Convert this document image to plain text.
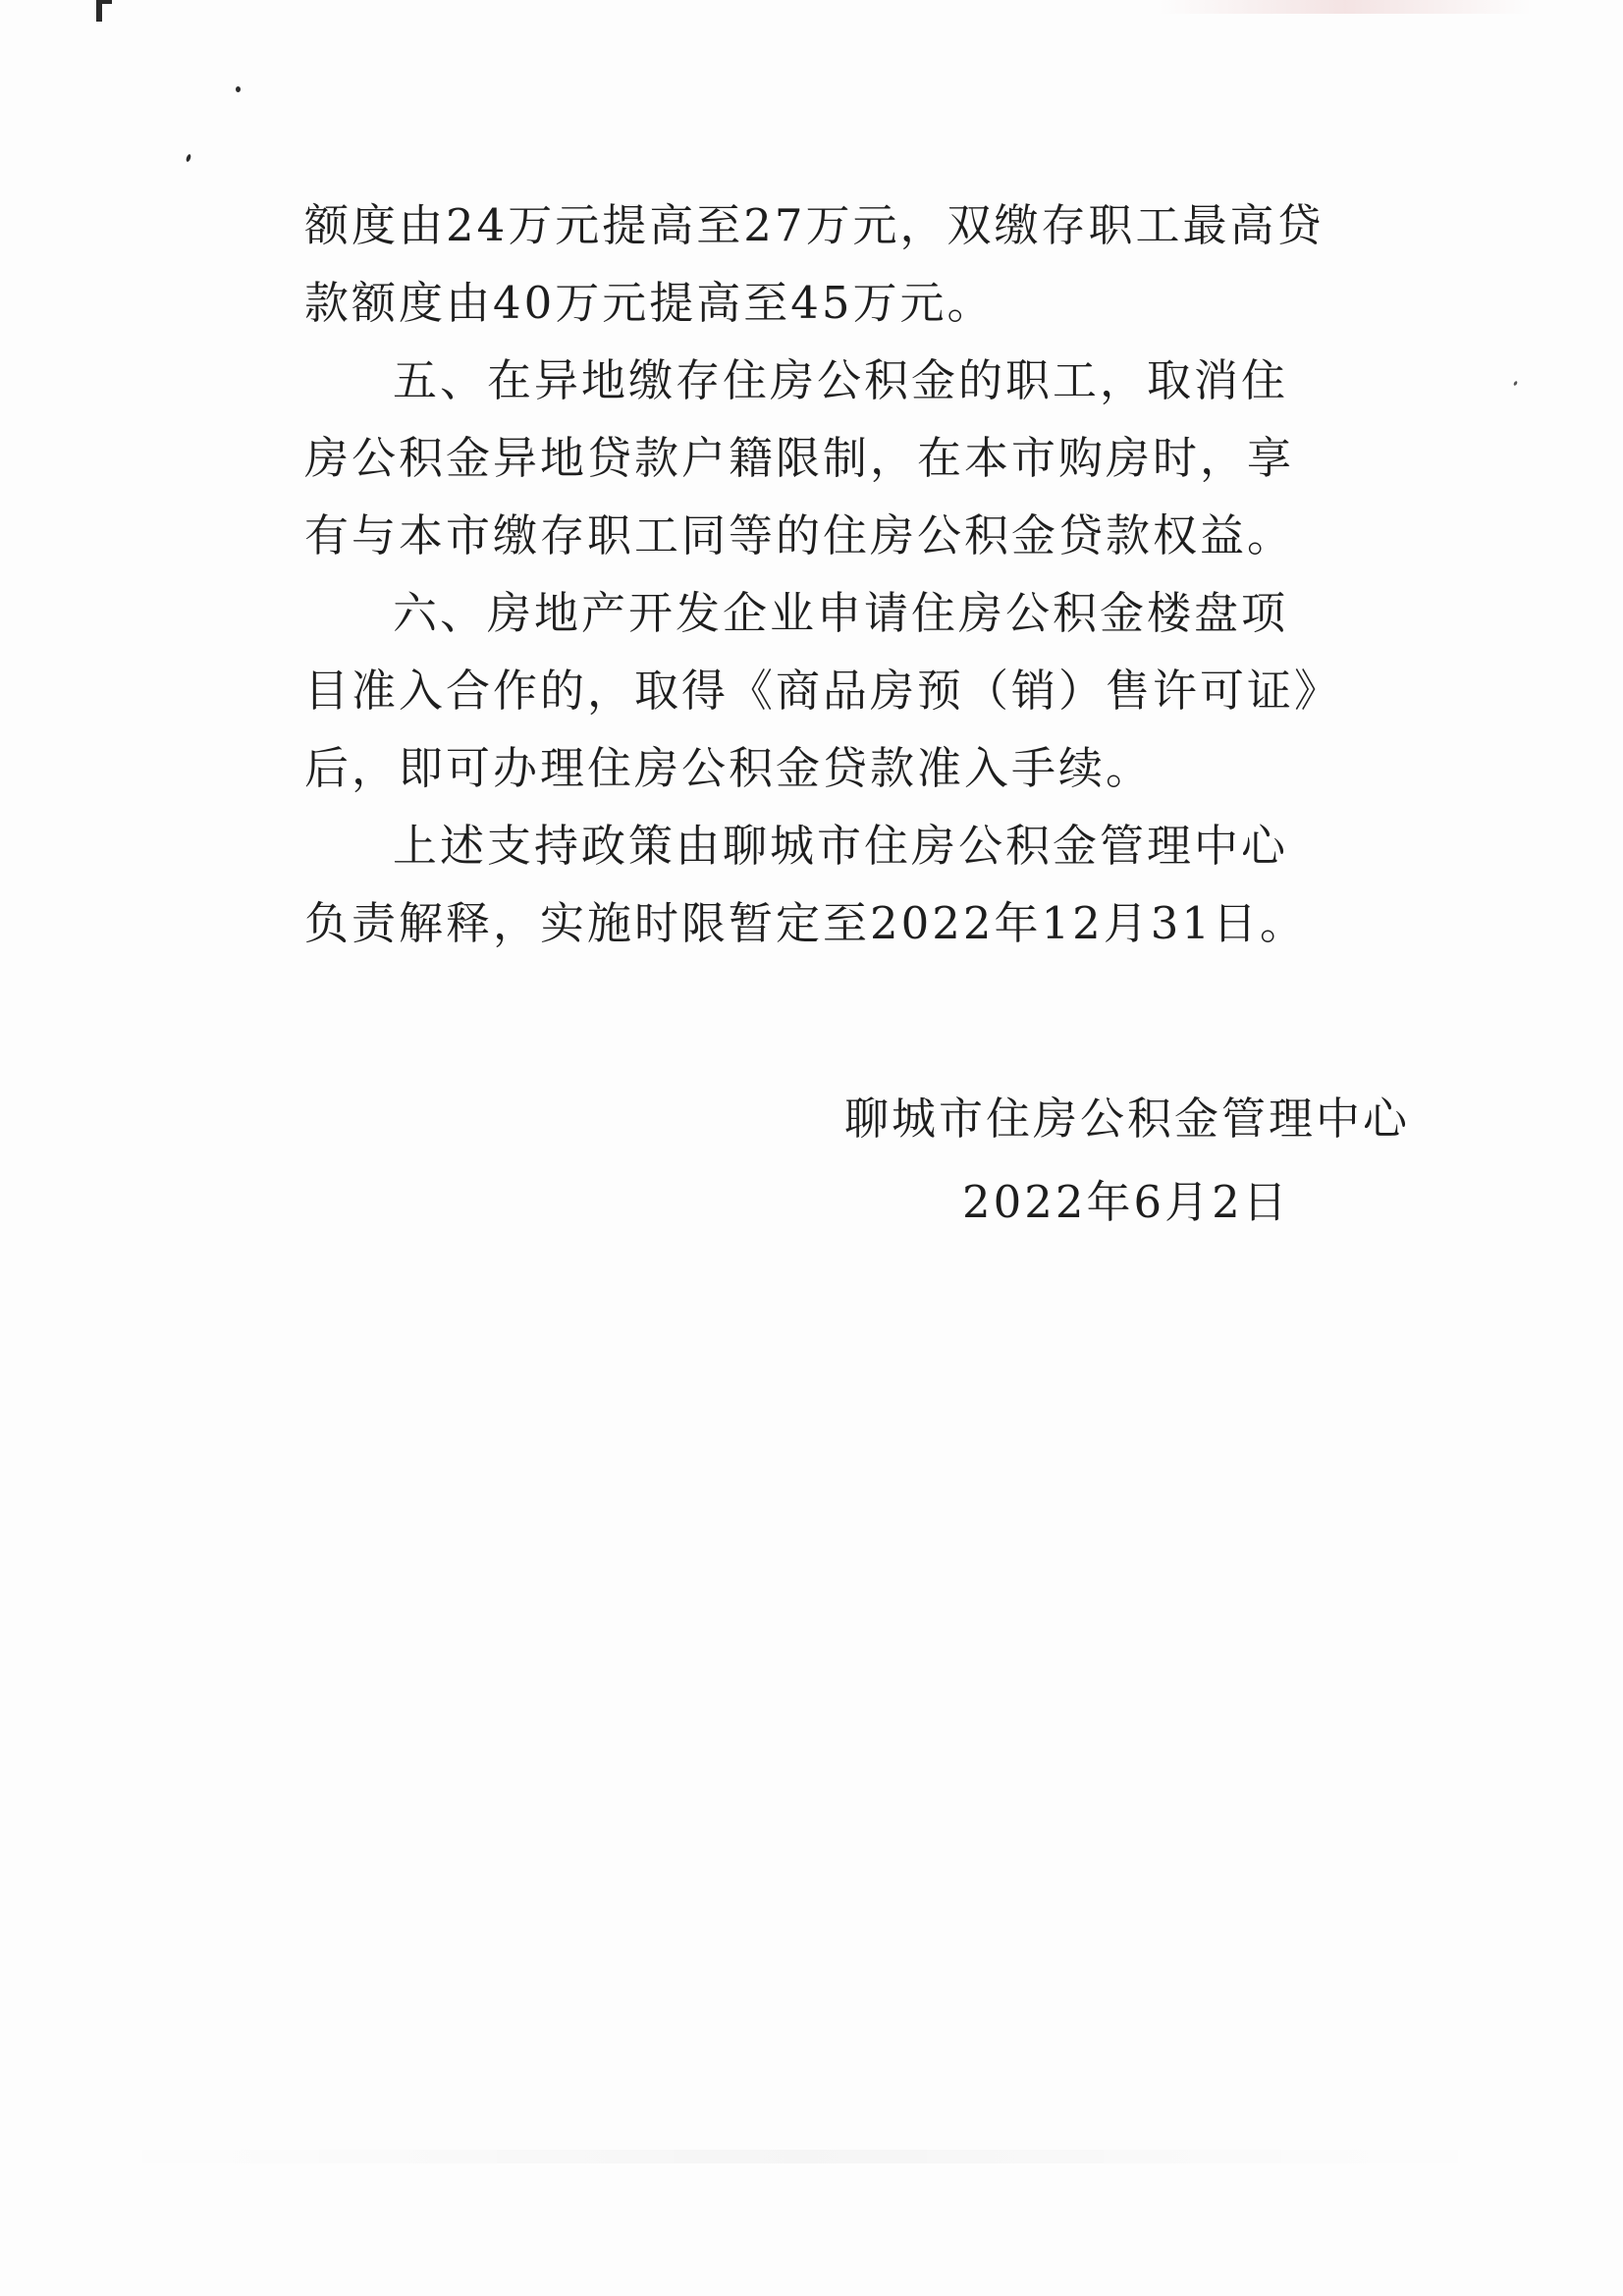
额度由24万元提高至27万元，双缴存职工最高贷款额度由40万元提高至45万元。

五、在异地缴存住房公积金的职工，取消住房公积金异地贷款户籍限制，在本市购房时，享有与本市缴存职工同等的住房公积金贷款权益。

六、房地产开发企业申请住房公积金楼盘项目准入合作的，取得《商品房预（销）售许可证》后，即可办理住房公积金贷款准入手续。

上述支持政策由聊城市住房公积金管理中心负责解释，实施时限暂定至2022年12月31日。

聊城市住房公积金管理中心
2022年6月2日
